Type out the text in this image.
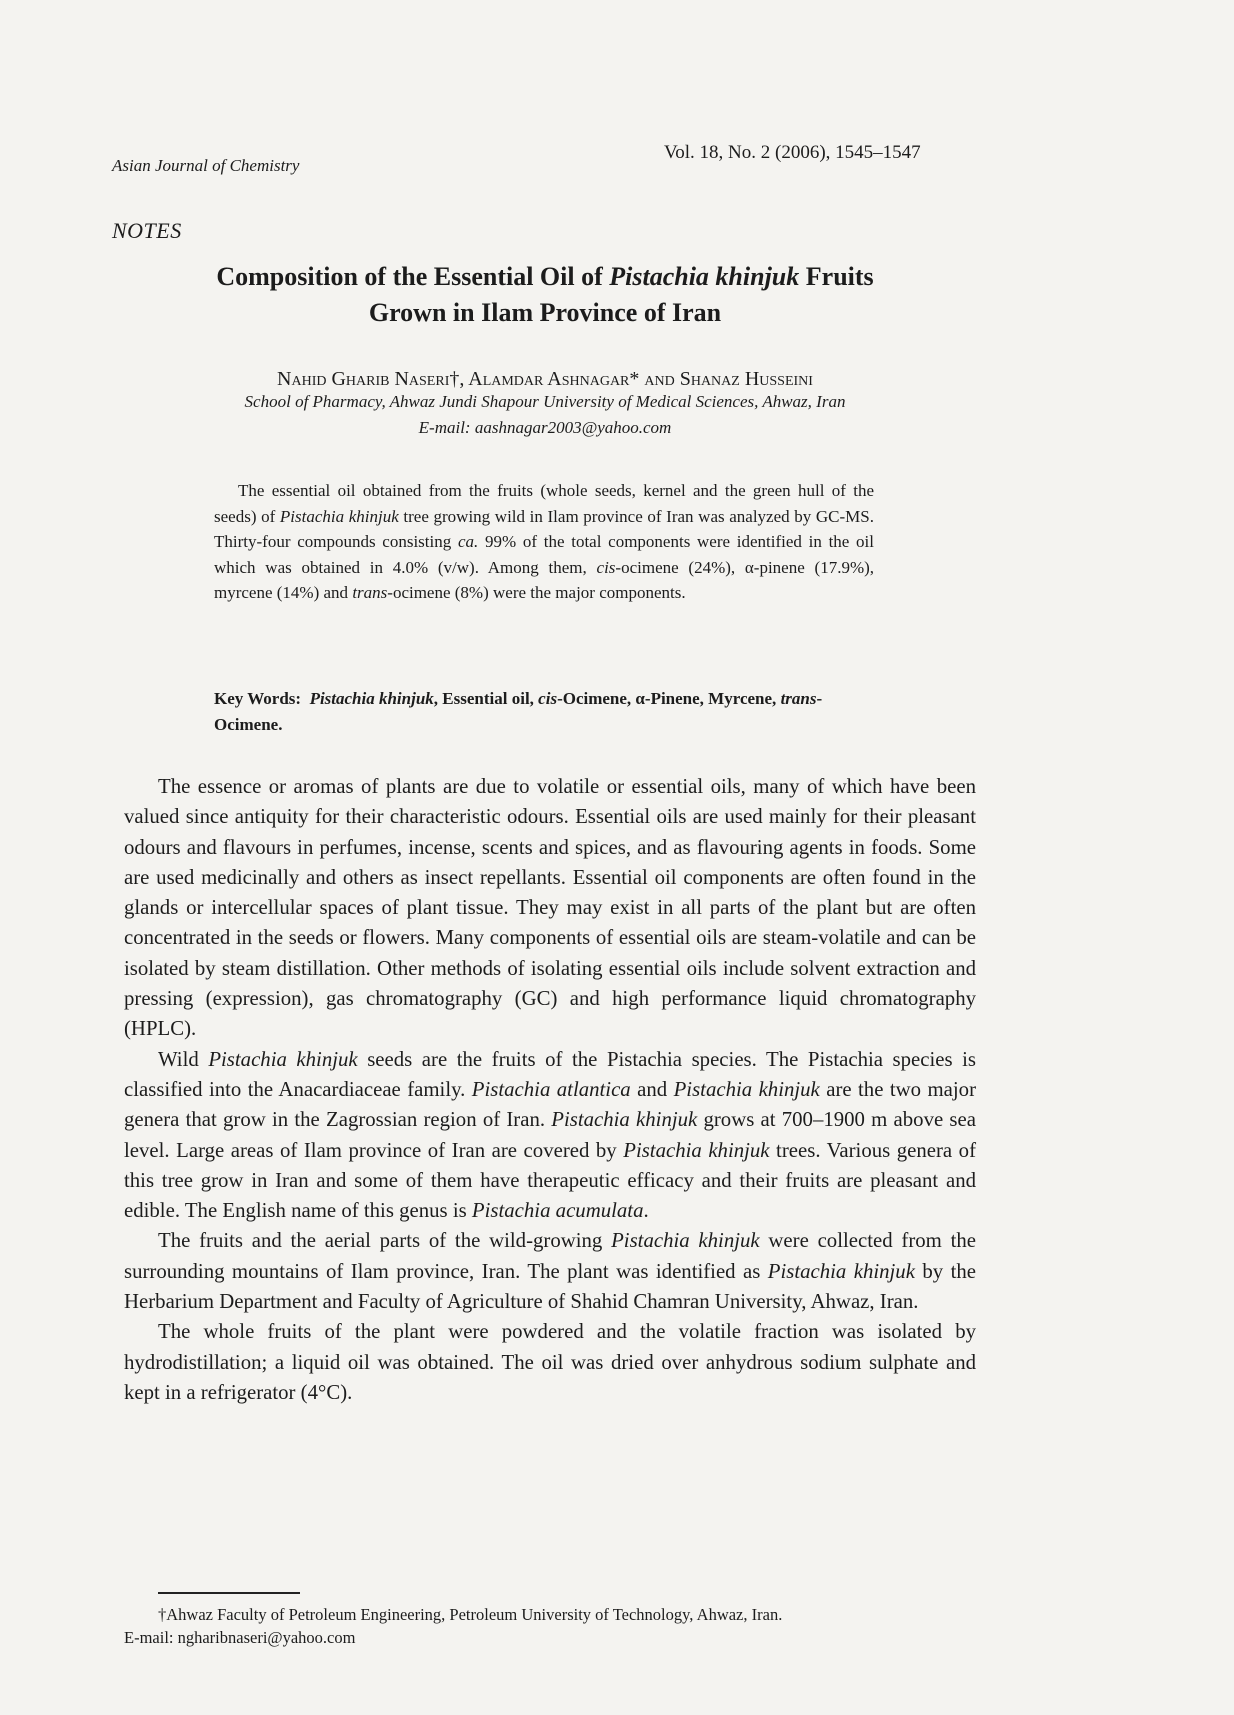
Asian Journal of Chemistry
Vol. 18, No. 2 (2006), 1545–1547
NOTES
Composition of the Essential Oil of Pistachia khinjuk Fruits
Grown in Ilam Province of Iran
Nahid Gharib Naseri†, Alamdar Ashnagar* and Shanaz Husseini
School of Pharmacy, Ahwaz Jundi Shapour University of Medical Sciences, Ahwaz, Iran
E-mail: aashnagar2003@yahoo.com
The essential oil obtained from the fruits (whole seeds, kernel and the green hull of the seeds) of Pistachia khinjuk tree growing wild in Ilam province of Iran was analyzed by GC-MS. Thirty-four compounds consisting ca. 99% of the total components were identified in the oil which was obtained in 4.0% (v/w). Among them, cis-ocimene (24%), α-pinene (17.9%), myrcene (14%) and trans-ocimene (8%) were the major components.
Key Words: Pistachia khinjuk, Essential oil, cis-Ocimene, α-Pinene, Myrcene, trans-Ocimene.

The essence or aromas of plants are due to volatile or essential oils, many of which have been valued since antiquity for their characteristic odours. Essential oils are used mainly for their pleasant odours and flavours in perfumes, incense, scents and spices, and as flavouring agents in foods. Some are used medicinally and others as insect repellants. Essential oil components are often found in the glands or intercellular spaces of plant tissue. They may exist in all parts of the plant but are often concentrated in the seeds or flowers. Many components of essential oils are steam-volatile and can be isolated by steam distillation. Other methods of isolating essential oils include solvent extraction and pressing (expression), gas chromatography (GC) and high performance liquid chromatography (HPLC).

Wild Pistachia khinjuk seeds are the fruits of the Pistachia species. The Pistachia species is classified into the Anacardiaceae family. Pistachia atlantica and Pistachia khinjuk are the two major genera that grow in the Zagrossian region of Iran. Pistachia khinjuk grows at 700–1900 m above sea level. Large areas of Ilam province of Iran are covered by Pistachia khinjuk trees. Various genera of this tree grow in Iran and some of them have therapeutic efficacy and their fruits are pleasant and edible. The English name of this genus is Pistachia acumulata.

The fruits and the aerial parts of the wild-growing Pistachia khinjuk were collected from the surrounding mountains of Ilam province, Iran. The plant was identified as Pistachia khinjuk by the Herbarium Department and Faculty of Agriculture of Shahid Chamran University, Ahwaz, Iran.

The whole fruits of the plant were powdered and the volatile fraction was isolated by hydrodistillation; a liquid oil was obtained. The oil was dried over anhydrous sodium sulphate and kept in a refrigerator (4°C).

†Ahwaz Faculty of Petroleum Engineering, Petroleum University of Technology, Ahwaz, Iran.
E-mail: ngharibnaseri@yahoo.com
